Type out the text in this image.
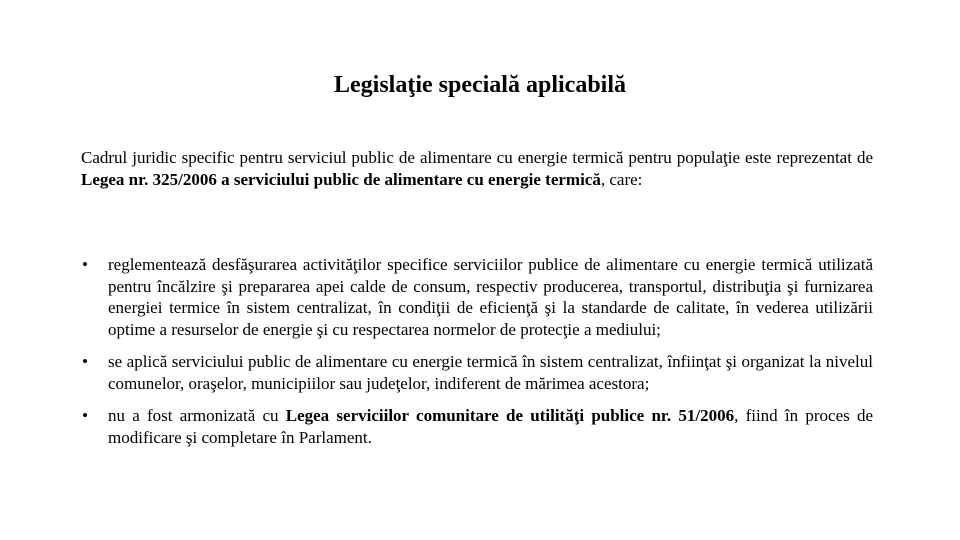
Legislaţie specială aplicabilă
Cadrul juridic specific pentru serviciul public de alimentare cu energie termică pentru populaţie este reprezentat de Legea nr. 325/2006 a serviciului public de alimentare cu energie termică, care:
•	reglementează desfăşurarea activităţilor specifice serviciilor publice de alimentare cu energie termică utilizată pentru încălzire şi prepararea apei calde de consum, respectiv producerea, transportul, distribuţia şi furnizarea energiei termice în sistem centralizat, în condiţii de eficienţă şi la standarde de calitate, în vederea utilizării optime a resurselor de energie şi cu respectarea normelor de protecţie a mediului;
•	se aplică serviciului public de alimentare cu energie termică în sistem centralizat, înfiinţat şi organizat la nivelul comunelor, oraşelor, municipiilor sau judeţelor, indiferent de mărimea acestora;
•	nu a fost armonizată cu Legea serviciilor comunitare de utilităţi publice nr. 51/2006, fiind în proces de modificare şi completare în Parlament.
